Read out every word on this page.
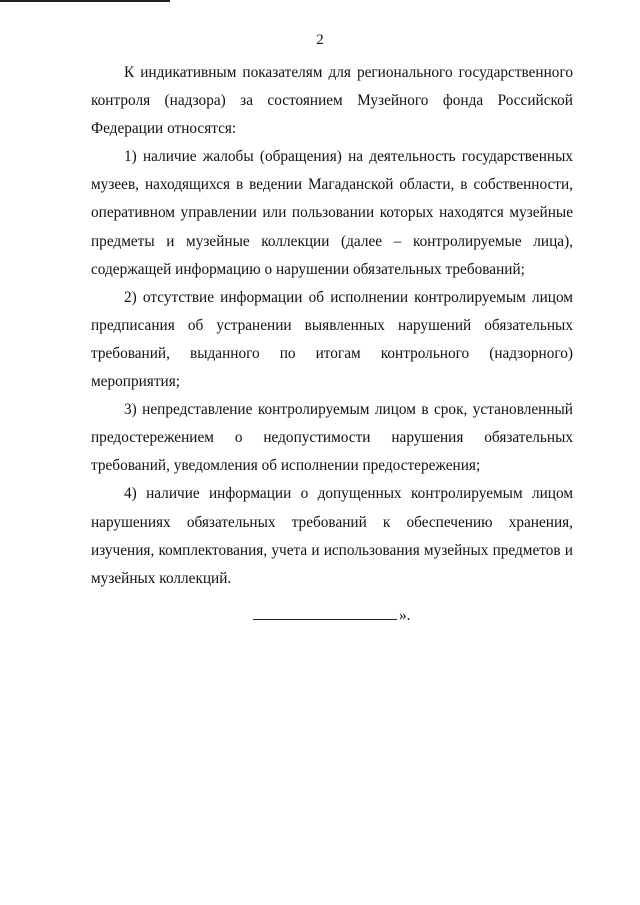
2

К индикативным показателям для регионального государственного контроля (надзора) за состоянием Музейного фонда Российской Федерации относятся:

1) наличие жалобы (обращения) на деятельность государственных музеев, находящихся в ведении Магаданской области, в собственности, оперативном управлении или пользовании которых находятся музейные предметы и музейные коллекции (далее – контролируемые лица), содержащей информацию о нарушении обязательных требований;

2) отсутствие информации об исполнении контролируемым лицом предписания об устранении выявленных нарушений обязательных требований, выданного по итогам контрольного (надзорного) мероприятия;

3) непредставление контролируемым лицом в срок, установленный предостережением о недопустимости нарушения обязательных требований, уведомления об исполнении предостережения;

4) наличие информации о допущенных контролируемым лицом нарушениях обязательных требований к обеспечению хранения, изучения, комплектования, учета и использования музейных предметов и музейных коллекций.

».
